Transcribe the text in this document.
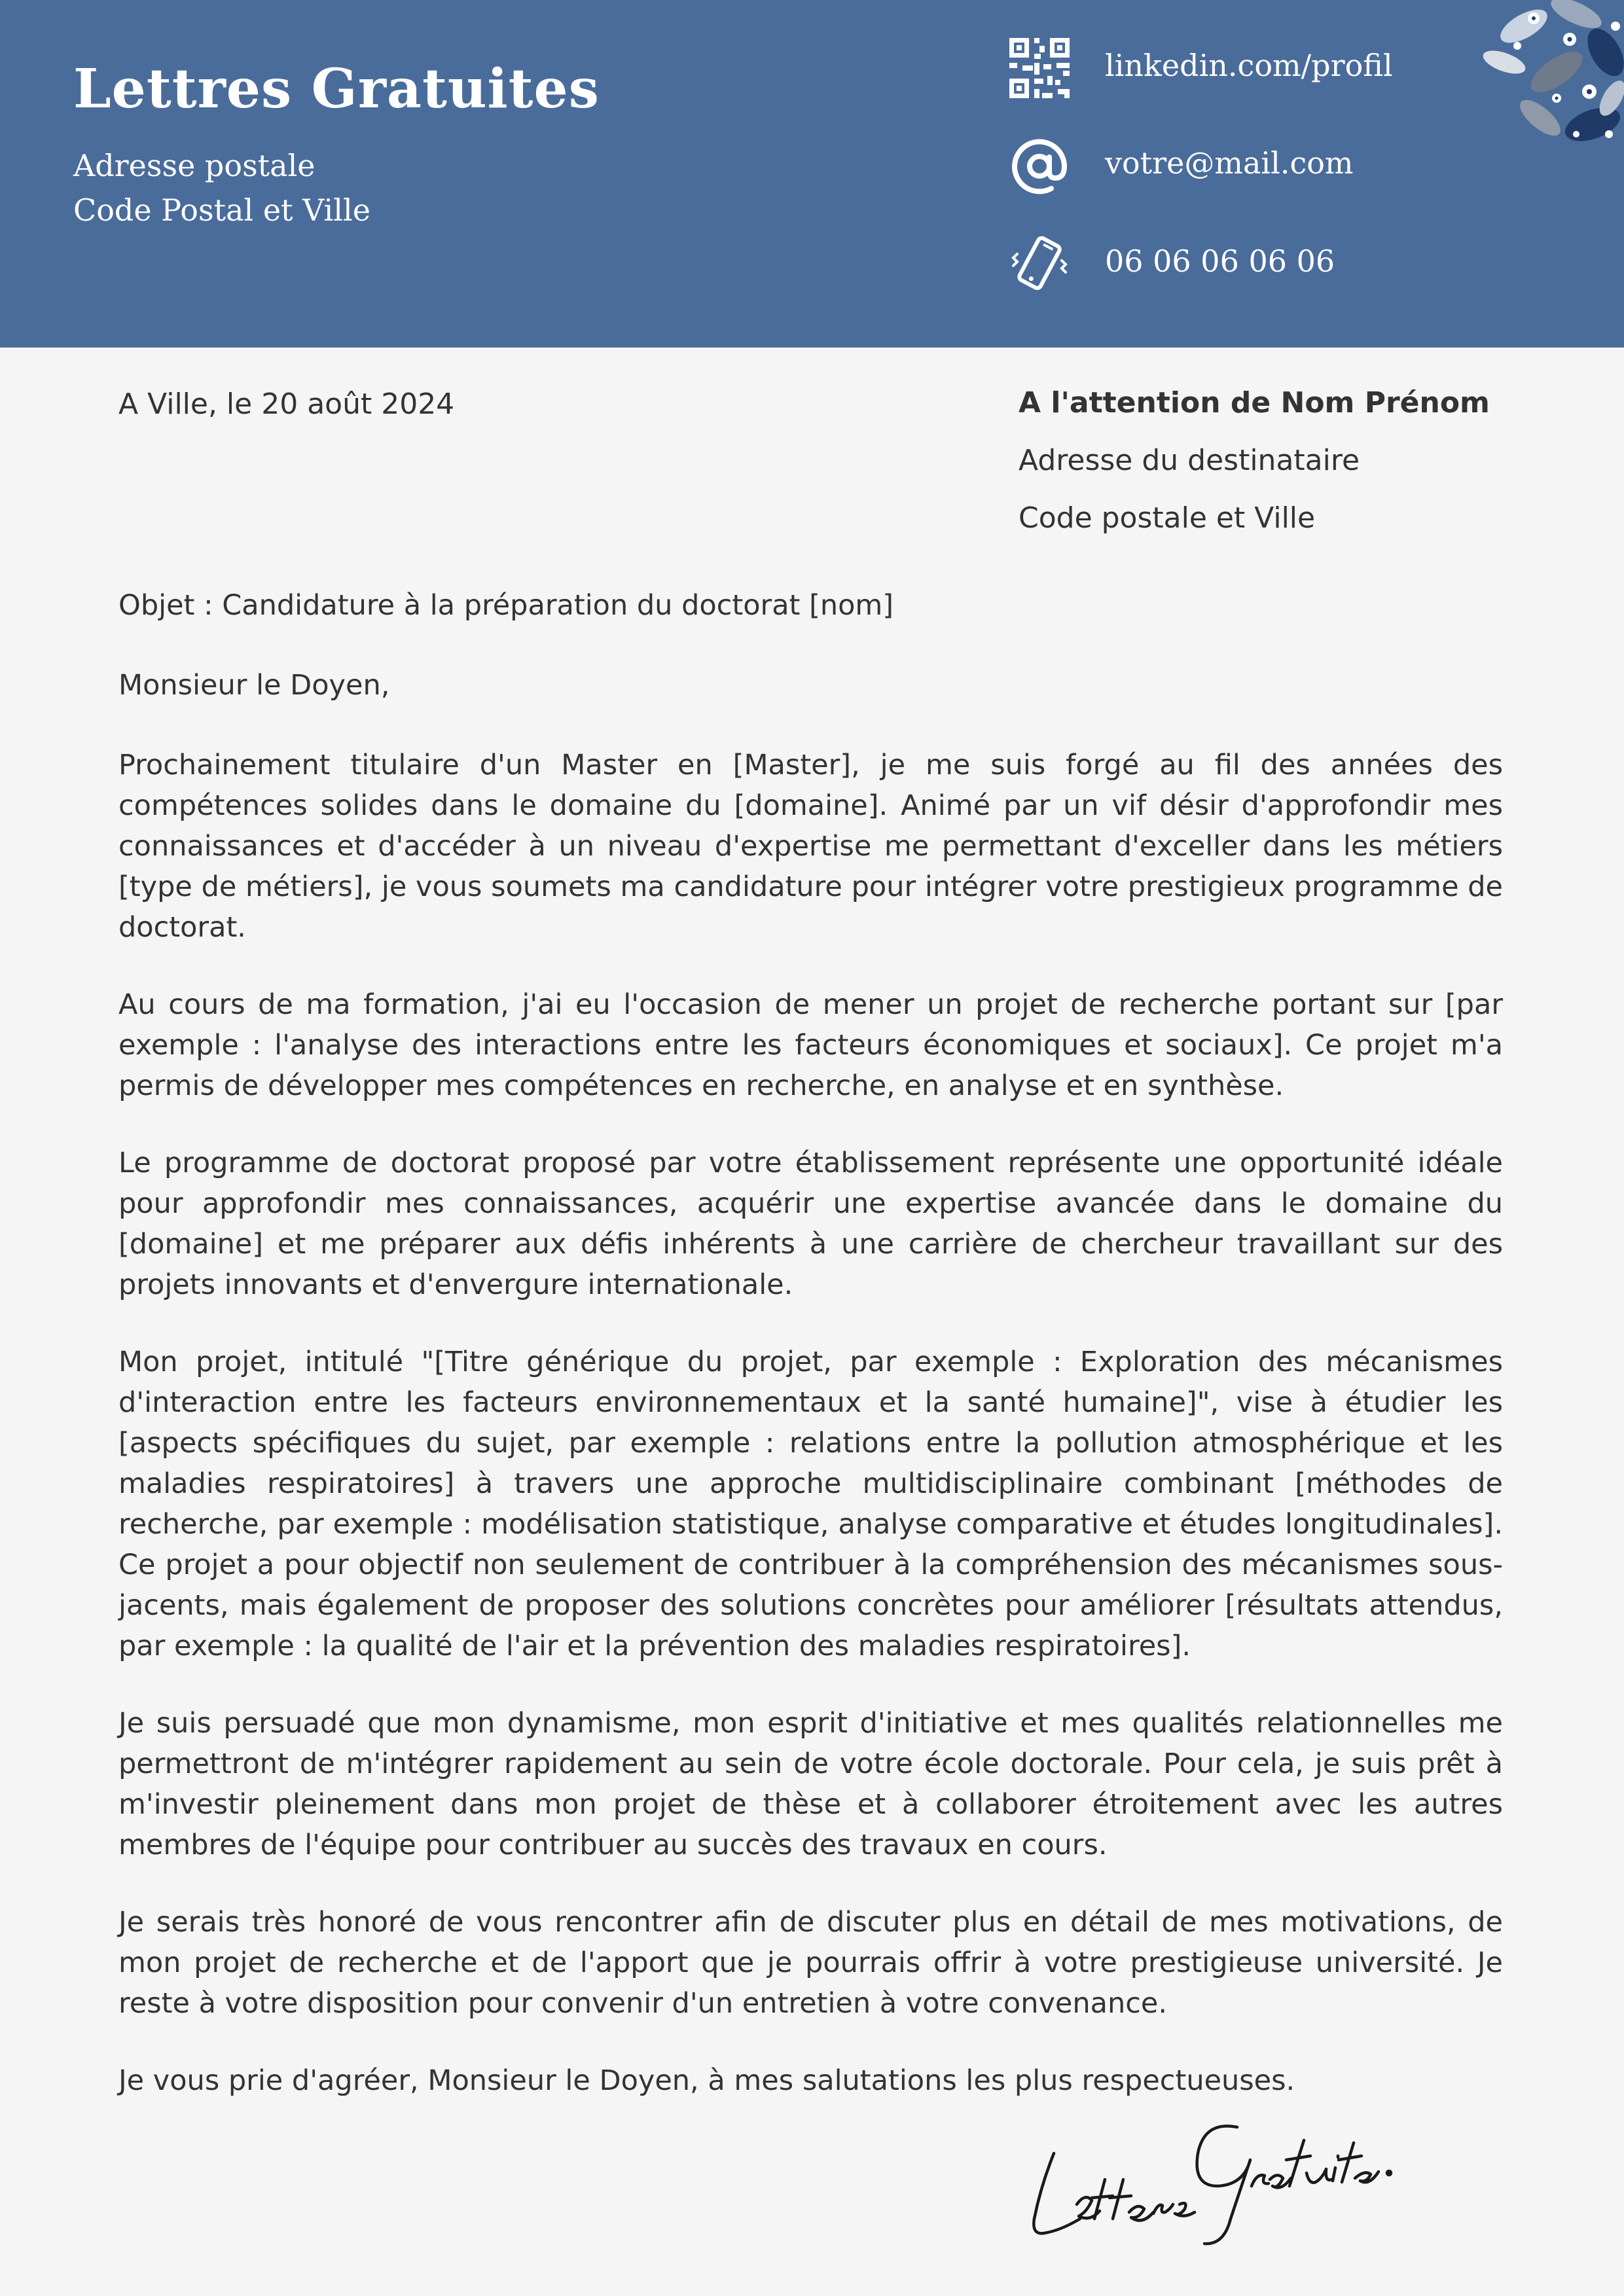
Lettres Gratuites
Adresse postale
Code Postal et Ville
linkedin.com/profil
votre@mail.com
06 06 06 06 06
A Ville, le 20 août 2024	A l'attention de Nom Prénom
Adresse du destinataire
Code postale et Ville

Objet : Candidature à la préparation du doctorat [nom]

Monsieur le Doyen,

Prochainement titulaire d'un Master en [Master], je me suis forgé au fil des années des compétences solides dans le domaine du [domaine]. Animé par un vif désir d'approfondir mes connaissances et d'accéder à un niveau d'expertise me permettant d'exceller dans les métiers [type de métiers], je vous soumets ma candidature pour intégrer votre prestigieux programme de doctorat.

Au cours de ma formation, j'ai eu l'occasion de mener un projet de recherche portant sur [par exemple : l'analyse des interactions entre les facteurs économiques et sociaux]. Ce projet m'a permis de développer mes compétences en recherche, en analyse et en synthèse.

Le programme de doctorat proposé par votre établissement représente une opportunité idéale pour approfondir mes connaissances, acquérir une expertise avancée dans le domaine du [domaine] et me préparer aux défis inhérents à une carrière de chercheur travaillant sur des projets innovants et d'envergure internationale.

Mon projet, intitulé "[Titre générique du projet, par exemple : Exploration des mécanismes d'interaction entre les facteurs environnementaux et la santé humaine]", vise à étudier les [aspects spécifiques du sujet, par exemple : relations entre la pollution atmosphérique et les maladies respiratoires] à travers une approche multidisciplinaire combinant [méthodes de recherche, par exemple : modélisation statistique, analyse comparative et études longitudinales]. Ce projet a pour objectif non seulement de contribuer à la compréhension des mécanismes sous-jacents, mais également de proposer des solutions concrètes pour améliorer [résultats attendus, par exemple : la qualité de l'air et la prévention des maladies respiratoires].

Je suis persuadé que mon dynamisme, mon esprit d'initiative et mes qualités relationnelles me permettront de m'intégrer rapidement au sein de votre école doctorale. Pour cela, je suis prêt à m'investir pleinement dans mon projet de thèse et à collaborer étroitement avec les autres membres de l'équipe pour contribuer au succès des travaux en cours.

Je serais très honoré de vous rencontrer afin de discuter plus en détail de mes motivations, de mon projet de recherche et de l'apport que je pourrais offrir à votre prestigieuse université. Je reste à votre disposition pour convenir d'un entretien à votre convenance.

Je vous prie d'agréer, Monsieur le Doyen, à mes salutations les plus respectueuses.
